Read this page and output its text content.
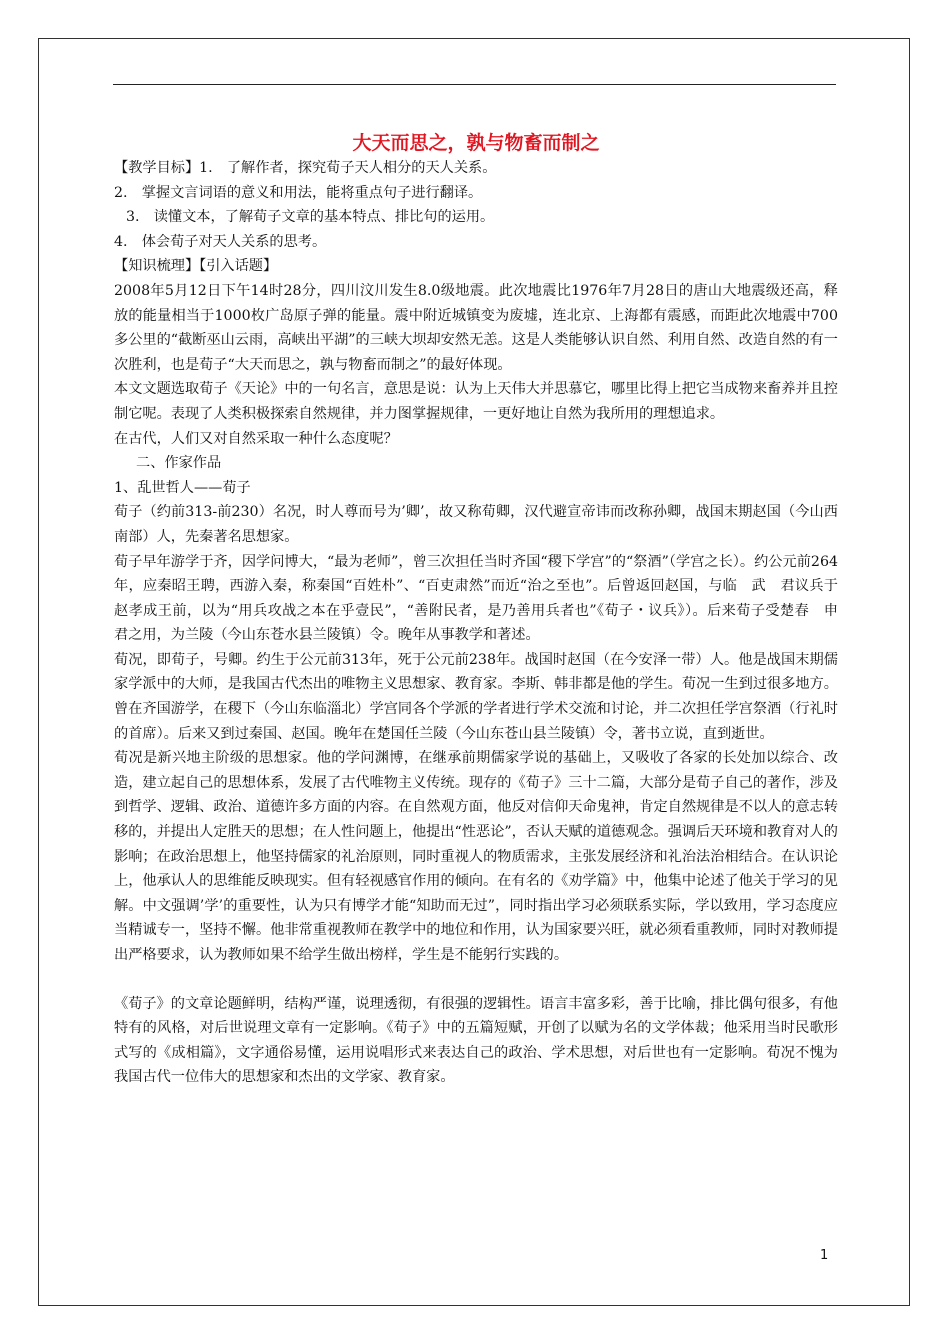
大天而思之，孰与物畜而制之

【教学目标】1.　了解作者，探究荀子天人相分的天人关系。

2.　掌握文言词语的意义和用法，能将重点句子进行翻译。

3.　读懂文本，了解荀子文章的基本特点、排比句的运用。

4.　体会荀子对天人关系的思考。

【知识梳理】【引入话题】

2008年5月12日下午14时28分，四川汶川发生8.0级地震。此次地震比1976年7月28日的唐山大地震级还高，释放的能量相当于1000枚广岛原子弹的能量。震中附近城镇变为废墟，连北京、上海都有震感，而距此次地震中700多公里的“截断巫山云雨，高峡出平湖”的三峡大坝却安然无恙。这是人类能够认识自然、利用自然、改造自然的有一次胜利，也是荀子“大天而思之，孰与物畜而制之”的最好体现。

本文文题选取荀子《天论》中的一句名言，意思是说：认为上天伟大并思慕它，哪里比得上把它当成物来畜养并且控制它呢。表现了人类积极探索自然规律，并力图掌握规律，一更好地让自然为我所用的理想追求。

在古代，人们又对自然采取一种什么态度呢？

二、作家作品

1、乱世哲人——荀子

荀子（约前313-前230）名况，时人尊而号为’卿’，故又称荀卿，汉代避宣帝讳而改称孙卿，战国末期赵国（今山西南部）人，先秦著名思想家。

荀子早年游学于齐，因学问博大，“最为老师”，曾三次担任当时齐国“稷下学宫”的“祭酒”（学宫之长）。约公元前264年，应秦昭王聘，西游入秦，称秦国“百姓朴”、“百吏肃然”而近“治之至也”。后曾返回赵国，与临　武　君议兵于赵孝成王前，以为“用兵攻战之本在乎壹民”，“善附民者，是乃善用兵者也”《荀子・议兵》）。后来荀子受楚春　申　君之用，为兰陵（今山东苍水县兰陵镇）令。晚年从事教学和著述。

荀况，即荀子，号卿。约生于公元前313年，死于公元前238年。战国时赵国（在今安泽一带）人。他是战国末期儒家学派中的大师，是我国古代杰出的唯物主义思想家、教育家。李斯、韩非都是他的学生。荀况一生到过很多地方。曾在齐国游学，在稷下（今山东临淄北）学宫同各个学派的学者进行学术交流和讨论，并二次担任学宫祭酒（行礼时的首席）。后来又到过秦国、赵国。晚年在楚国任兰陵（今山东苍山县兰陵镇）令，著书立说，直到逝世。

荀况是新兴地主阶级的思想家。他的学问渊博，在继承前期儒家学说的基础上，又吸收了各家的长处加以综合、改造，建立起自己的思想体系，发展了古代唯物主义传统。现存的《荀子》三十二篇，大部分是荀子自己的著作，涉及到哲学、逻辑、政治、道德许多方面的内容。在自然观方面，他反对信仰天命鬼神，肯定自然规律是不以人的意志转移的，并提出人定胜天的思想；在人性问题上，他提出“性恶论”，否认天赋的道德观念。强调后天环境和教育对人的影响；在政治思想上，他坚持儒家的礼治原则，同时重视人的物质需求，主张发展经济和礼治法治相结合。在认识论上，他承认人的思维能反映现实。但有轻视感官作用的倾向。在有名的《劝学篇》中，他集中论述了他关于学习的见解。中文强调’学’的重要性，认为只有博学才能“知助而无过”，同时指出学习必须联系实际，学以致用，学习态度应当精诚专一，坚持不懈。他非常重视教师在教学中的地位和作用，认为国家要兴旺，就必须看重教师，同时对教师提出严格要求，认为教师如果不给学生做出榜样，学生是不能躬行实践的。

《荀子》的文章论题鲜明，结构严谨，说理透彻，有很强的逻辑性。语言丰富多彩，善于比喻，排比偶句很多，有他特有的风格，对后世说理文章有一定影响。《荀子》中的五篇短赋，开创了以赋为名的文学体裁；他采用当时民歌形式写的《成相篇》，文字通俗易懂，运用说唱形式来表达自己的政治、学术思想，对后世也有一定影响。荀况不愧为我国古代一位伟大的思想家和杰出的文学家、教育家。

1
